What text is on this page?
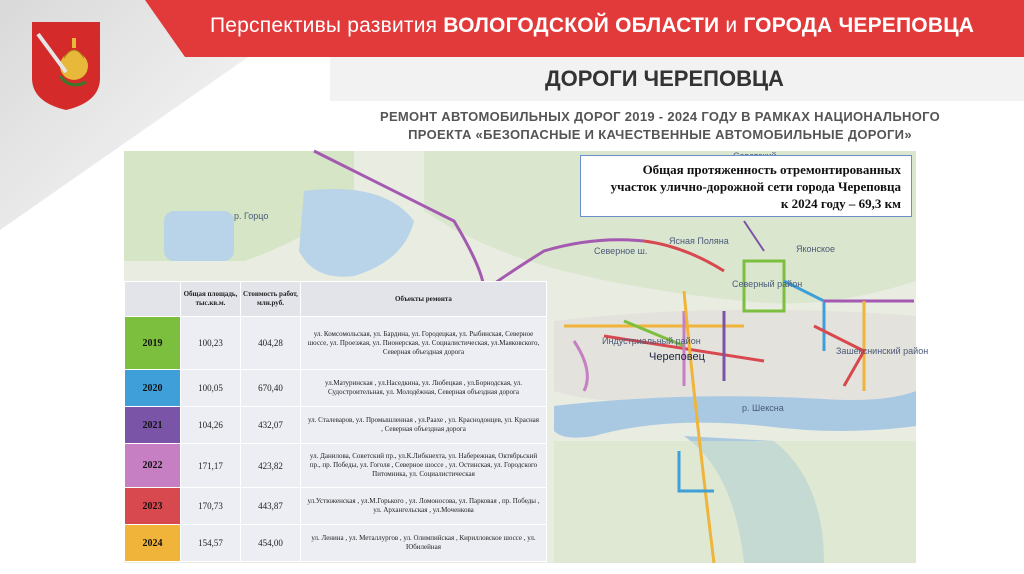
Перспективы развития ВОЛОГОДСКОЙ ОБЛАСТИ и ГОРОДА ЧЕРЕПОВЦА
ДОРОГИ ЧЕРЕПОВЦА
РЕМОНТ АВТОМОБИЛЬНЫХ ДОРОГ 2019 - 2024 ГОДУ В РАМКАХ НАЦИОНАЛЬНОГО
ПРОЕКТА «БЕЗОПАСНЫЕ И КАЧЕСТВЕННЫЕ АВТОМОБИЛЬНЫЕ ДОРОГИ»
Ясная Поляна
Яконское
Северный район
Индустриальный район
Череповец	Зашекснинский район
р. Шексна
Северное ш.
р. Горцо
Общая протяженность отремонтированных
участок улично-дорожной сети города Череповца
к 2024 году – 69,3 км
	Общая площадь, тыс.кв.м.	Стоимость работ, млн.руб.	Объекты ремонта
2019	100,23	404,28	ул. Комсомольская, ул. Бардина, ул. Городецкая, ул. Рыбинская, Северное шоссе, ул. Проезжая, ул. Пионерская, ул. Социалистическая, ул.Маяковского, Северная объездная дорога
2020	100,05	670,40	ул.Матуринская , ул.Наседкина, ул. Любецкая , ул.Борнодская, ул. Судостроительная, ул. Молодёжная, Северная объездная дорога
2021	104,26	432,07	ул. Сталеваров, ул. Промышленная , ул.Раахе , ул. Краснодонцев, ул. Красная , Северная объездная дорога
2022	171,17	423,82	ул. Данилова, Советский пр., ул.К.Либкнехта, ул. Набережная, Октябрьский пр., пр. Победы, ул. Гоголя , Северное шоссе , ул. Остинская, ул. Городского Питомника, ул. Социалистическая
2023	170,73	443,87	ул.Устюженская , ул.М.Горького , ул. Ломоносова, ул. Парковая , пр. Победы , ул. Архангельская , ул.Моченкова
2024	154,57	454,00	ул. Ленина , ул. Металлургов , ул. Олимпийская , Кирилловское шоссе , ул. Юбилейная
